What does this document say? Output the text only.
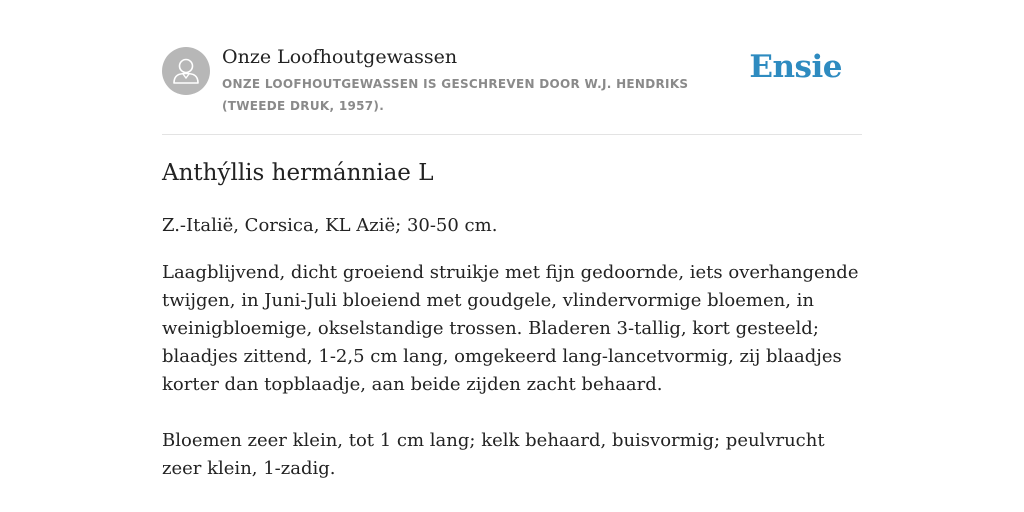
Onze Loofhoutgewassen
ONZE LOOFHOUTGEWASSEN IS GESCHREVEN DOOR W.J. HENDRIKS (TWEEDE DRUK, 1957).
Ensie
Anthýllis hermánniae L

Z.-Italië, Corsica, KL Azië; 30-50 cm.

Laagblijvend, dicht groeiend struikje met fijn gedoornde, iets overhangende twijgen, in Juni-Juli bloeiend met goudgele, vlindervormige bloemen, in weinigbloemige, okselstandige trossen. Bladeren 3-tallig, kort gesteeld; blaadjes zittend, 1-2,5 cm lang, omgekeerd lang-lancetvormig, zij blaadjes korter dan topblaadje, aan beide zijden zacht behaard.

Bloemen zeer klein, tot 1 cm lang; kelk behaard, buisvormig; peulvrucht zeer klein, 1-zadig.
